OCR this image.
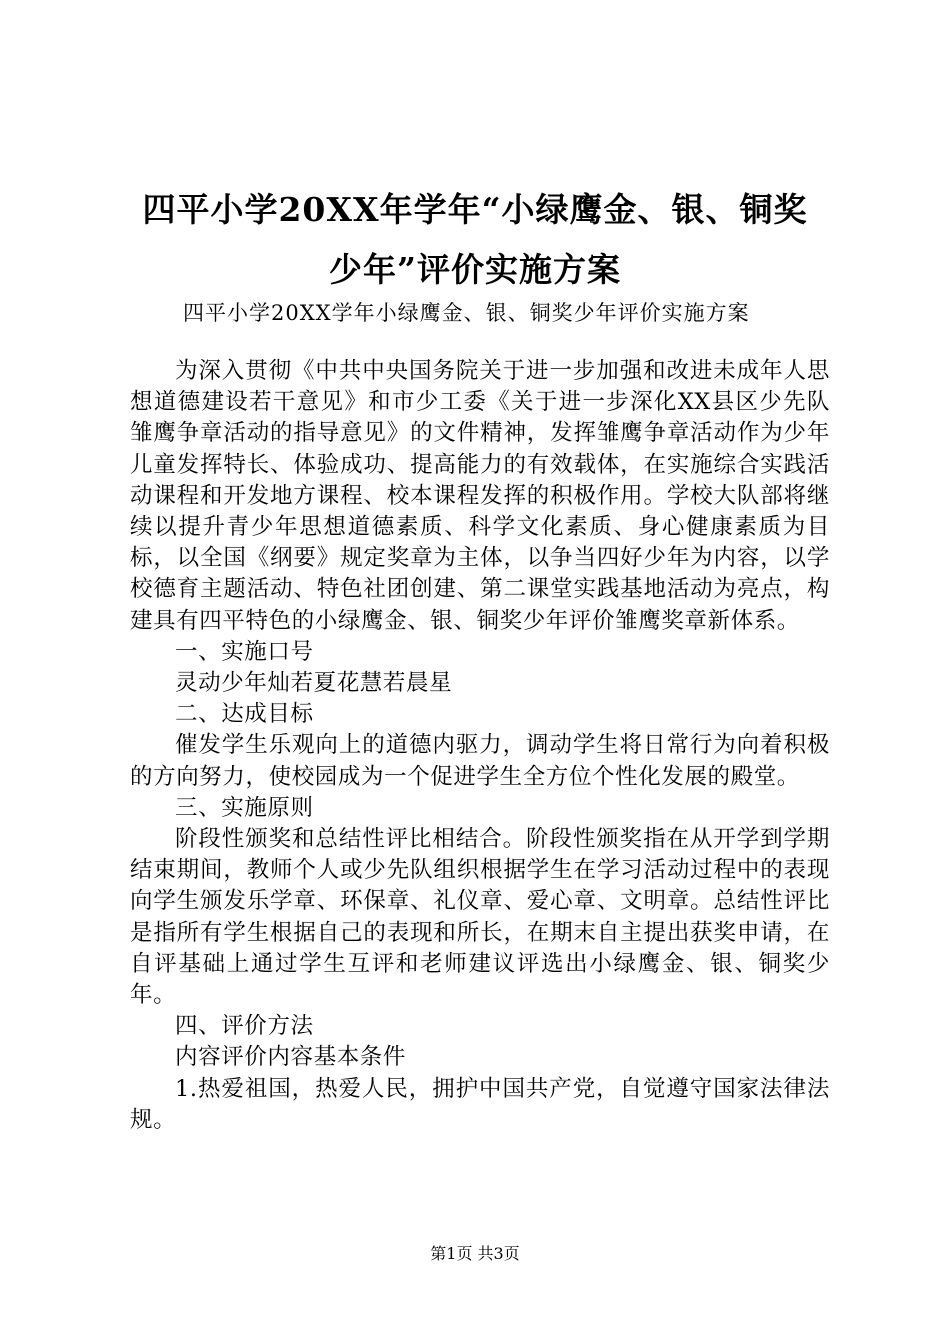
四平小学20XX年学年“小绿鹰金、银、铜奖
少年”评价实施方案
四平小学20XX学年小绿鹰金、银、铜奖少年评价实施方案

为深入贯彻《中共中央国务院关于进一步加强和改进未成年人思想道德建设若干意见》和市少工委《关于进一步深化XX县区少先队雏鹰争章活动的指导意见》的文件精神，发挥雏鹰争章活动作为少年儿童发挥特长、体验成功、提高能力的有效载体，在实施综合实践活动课程和开发地方课程、校本课程发挥的积极作用。学校大队部将继续以提升青少年思想道德素质、科学文化素质、身心健康素质为目标，以全国《纲要》规定奖章为主体，以争当四好少年为内容，以学校德育主题活动、特色社团创建、第二课堂实践基地活动为亮点，构建具有四平特色的小绿鹰金、银、铜奖少年评价雏鹰奖章新体系。

一、实施口号

灵动少年灿若夏花慧若晨星

二、达成目标

催发学生乐观向上的道德内驱力，调动学生将日常行为向着积极的方向努力，使校园成为一个促进学生全方位个性化发展的殿堂。

三、实施原则

阶段性颁奖和总结性评比相结合。阶段性颁奖指在从开学到学期结束期间，教师个人或少先队组织根据学生在学习活动过程中的表现向学生颁发乐学章、环保章、礼仪章、爱心章、文明章。总结性评比是指所有学生根据自己的表现和所长，在期末自主提出获奖申请，在自评基础上通过学生互评和老师建议评选出小绿鹰金、银、铜奖少年。

四、评价方法

内容评价内容基本条件

1.热爱祖国，热爱人民，拥护中国共产党，自觉遵守国家法律法规。

第1页 共3页
